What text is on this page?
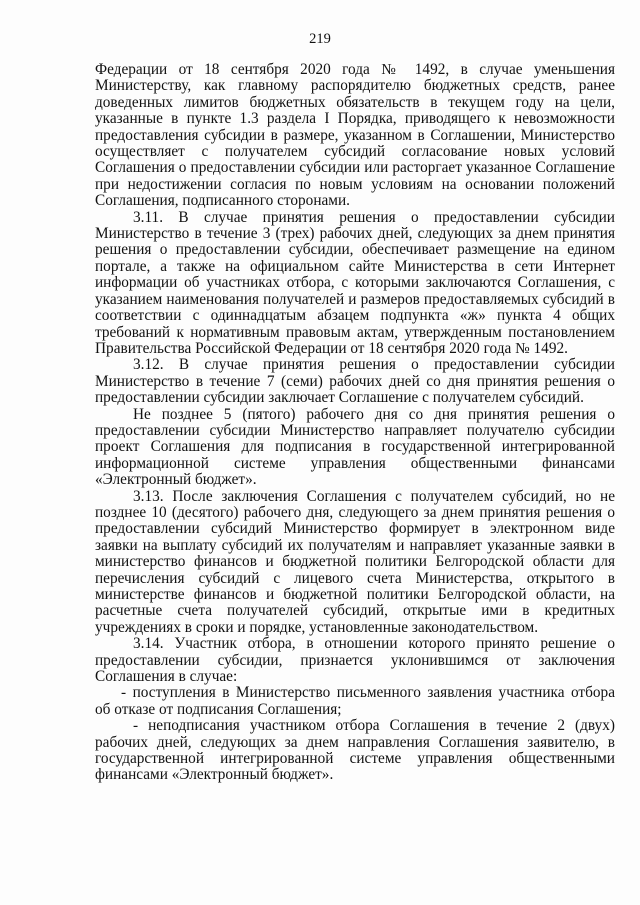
219

Федерации от 18 сентября 2020 года № 1492, в случае уменьшения Министерству, как главному распорядителю бюджетных средств, ранее доведенных лимитов бюджетных обязательств в текущем году на цели, указанные в пункте 1.3 раздела I Порядка, приводящего к невозможности предоставления субсидии в размере, указанном в Соглашении, Министерство осуществляет с получателем субсидий согласование новых условий Соглашения о предоставлении субсидии или расторгает указанное Соглашение при недостижении согласия по новым условиям на основании положений Соглашения, подписанного сторонами.

3.11. В случае принятия решения о предоставлении субсидии Министерство в течение 3 (трех) рабочих дней, следующих за днем принятия решения о предоставлении субсидии, обеспечивает размещение на едином портале, а также на официальном сайте Министерства в сети Интернет информации об участниках отбора, с которыми заключаются Соглашения, с указанием наименования получателей и размеров предоставляемых субсидий в соответствии с одиннадцатым абзацем подпункта «ж» пункта 4 общих требований к нормативным правовым актам, утвержденным постановлением Правительства Российской Федерации от 18 сентября 2020 года № 1492.

3.12. В случае принятия решения о предоставлении субсидии Министерство в течение 7 (семи) рабочих дней со дня принятия решения о предоставлении субсидии заключает Соглашение с получателем субсидий.

Не позднее 5 (пятого) рабочего дня со дня принятия решения о предоставлении субсидии Министерство направляет получателю субсидии проект Соглашения для подписания в государственной интегрированной информационной системе управления общественными финансами «Электронный бюджет».

3.13. После заключения Соглашения с получателем субсидий, но не позднее 10 (десятого) рабочего дня, следующего за днем принятия решения о предоставлении субсидий Министерство формирует в электронном виде заявки на выплату субсидий их получателям и направляет указанные заявки в министерство финансов и бюджетной политики Белгородской области для перечисления субсидий с лицевого счета Министерства, открытого в министерстве финансов и бюджетной политики Белгородской области, на расчетные счета получателей субсидий, открытые ими в кредитных учреждениях в сроки и порядке, установленные законодательством.

3.14. Участник отбора, в отношении которого принято решение о предоставлении субсидии, признается уклонившимся от заключения Соглашения в случае:

- поступления в Министерство письменного заявления участника отбора об отказе от подписания Соглашения;

- неподписания участником отбора Соглашения в течение 2 (двух) рабочих дней, следующих за днем направления Соглашения заявителю, в государственной интегрированной системе управления общественными финансами «Электронный бюджет».
